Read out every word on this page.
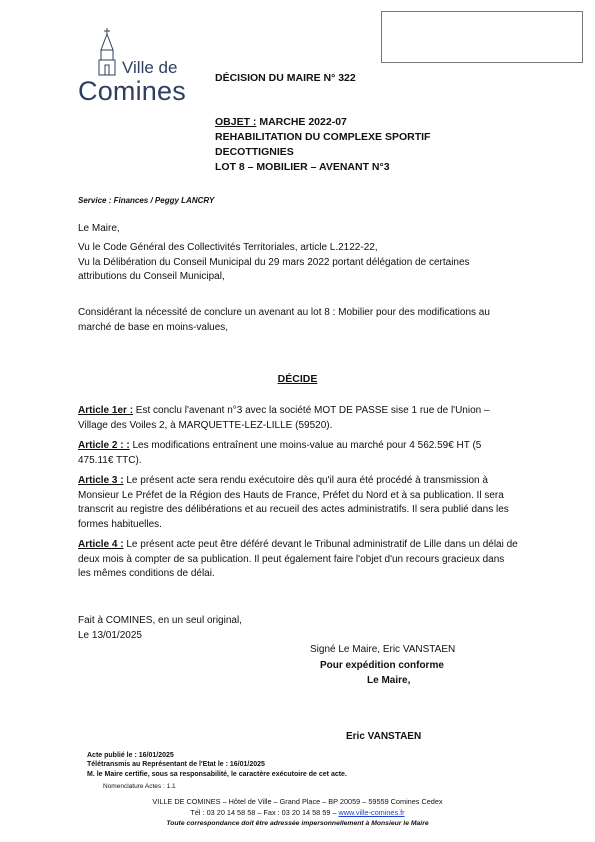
Ville de
Comines	DÉCISION DU MAIRE N° 322
OBJET : MARCHE 2022-07
REHABILITATION DU COMPLEXE SPORTIF
DECOTTIGNIES
LOT 8 – MOBILIER – AVENANT N°3
Service : Finances / Peggy LANCRY
Le Maire,

Vu le Code Général des Collectivités Territoriales, article L.2122-22,

Vu la Délibération du Conseil Municipal du 29 mars 2022 portant délégation de certaines attributions du Conseil Municipal,

Considérant la nécessité de conclure un avenant au lot 8 : Mobilier pour des modifications au marché de base en moins-values,
DÉCIDE
Article 1er : Est conclu l'avenant n°3 avec la société MOT DE PASSE sise 1 rue de l'Union – Village des Voiles 2, à MARQUETTE-LEZ-LILLE (59520).
Article 2 : : Les modifications entraînent une moins-value au marché pour 4 562.59€ HT (5 475.11€ TTC).
Article 3 : Le présent acte sera rendu exécutoire dès qu'il aura été procédé à transmission à Monsieur Le Préfet de la Région des Hauts de France, Préfet du Nord et à sa publication. Il sera transcrit au registre des délibérations et au recueil des actes administratifs. Il sera publié dans les formes habituelles.
Article 4 : Le présent acte peut être déféré devant le Tribunal administratif de Lille dans un délai de deux mois à compter de sa publication. Il peut également faire l'objet d'un recours gracieux dans les mêmes conditions de délai.
Fait à COMINES, en un seul original,
Le 13/01/2025
Signé Le Maire, Eric VANSTAEN
Pour expédition conforme
Le Maire,
Eric VANSTAEN
Acte publié le : 16/01/2025
Télétransmis au Représentant de l'Etat le : 16/01/2025
M. le Maire certifie, sous sa responsabilité, le caractère exécutoire de cet acte.
Nomenclature Actes : 1.1
VILLE DE COMINES – Hôtel de Ville – Grand Place – BP 20059 – 59559 Comines Cedex
Tél : 03 20 14 58 58 – Fax : 03 20 14 58 59 – www.ville-comines.fr
Toute correspondance doit être adressée impersonnellement à Monsieur le Maire
